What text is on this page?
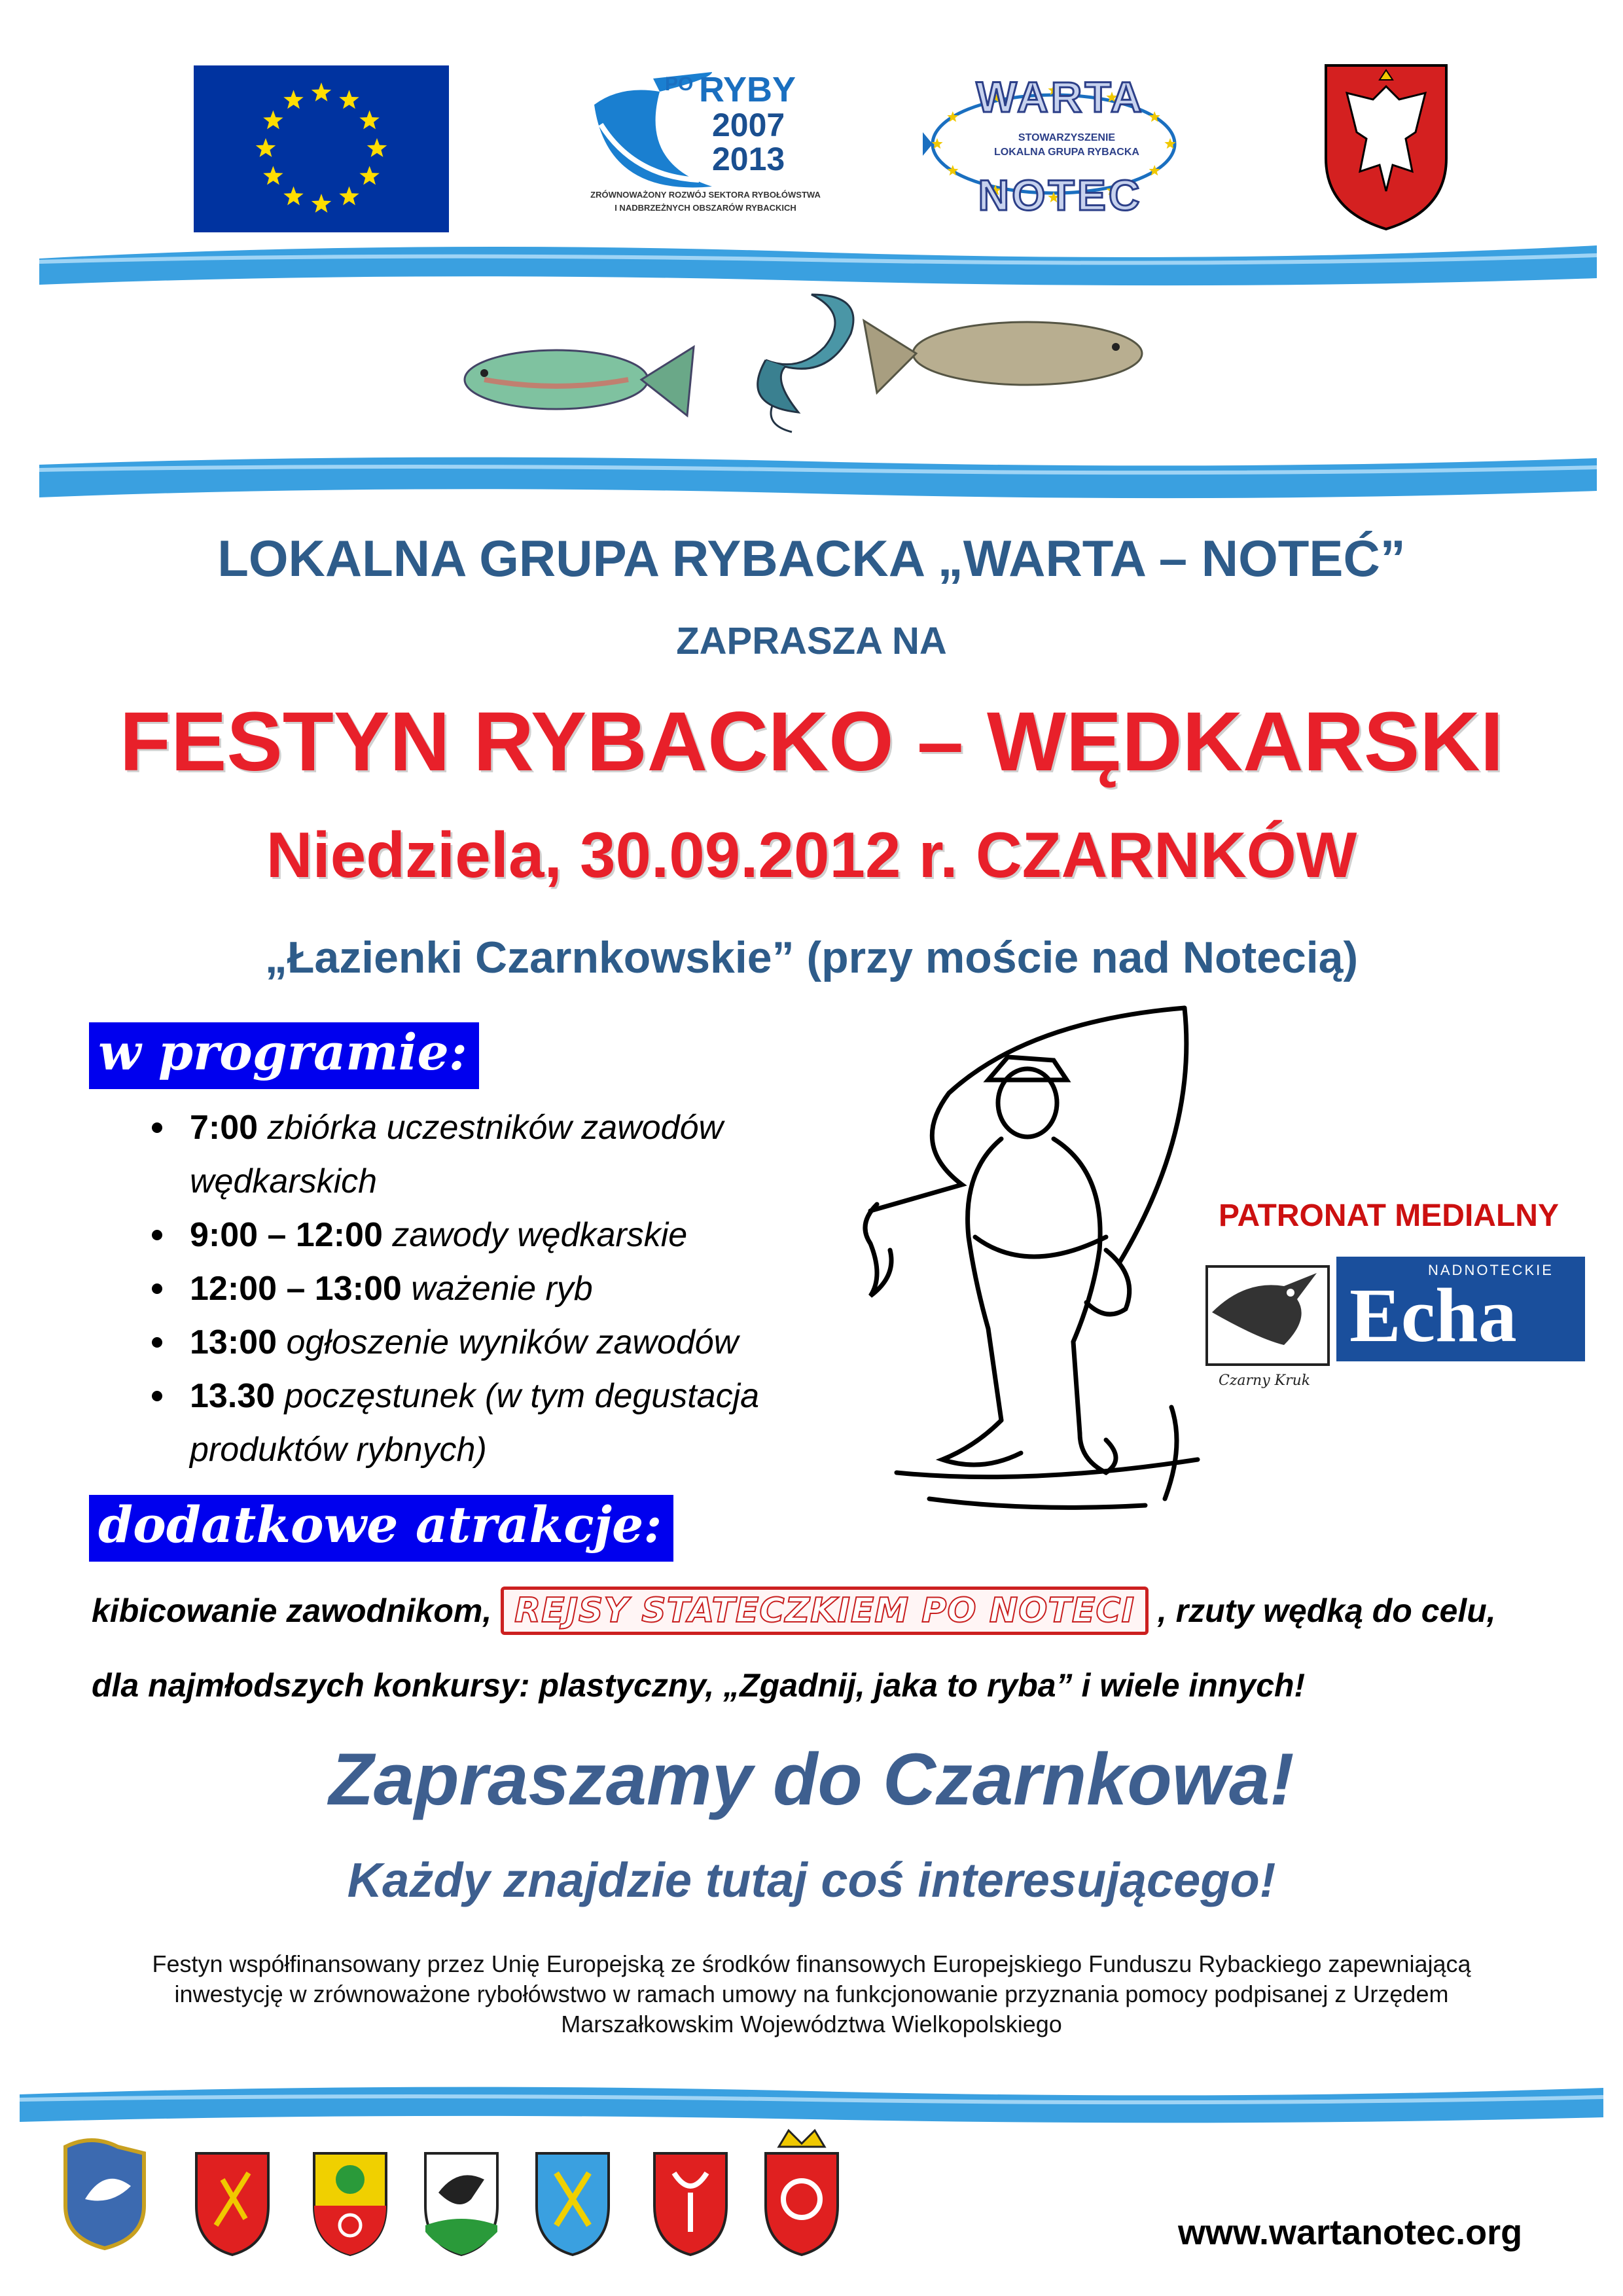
PO RYBY
2007
2013
ZRÓWNOWAŻONY ROZWÓJ SEKTORA RYBOŁÓWSTWA
I NADBRZEŻNYCH OBSZARÓW RYBACKICH
WARTA
STOWARZYSZENIE
LOKALNA GRUPA RYBACKA
NOTEC
LOKALNA GRUPA RYBACKA „WARTA – NOTEĆ”
ZAPRASZA NA
FESTYN RYBACKO – WĘDKARSKI
Niedziela, 30.09.2012 r. CZARNKÓW
„Łazienki Czarnkowskie” (przy moście nad Notecią)
w programie:
7:00 zbiórka uczestników zawodów wędkarskich
9:00 – 12:00 zawody wędkarskie
12:00 – 13:00 ważenie ryb
13:00 ogłoszenie wyników zawodów
13.30 poczęstunek (w tym degustacja produktów rybnych)
PATRONAT MEDIALNY
Czarny Kruk
NADNOTECKIE
Echa
dodatkowe atrakcje:
kibicowanie zawodnikom, REJSY STATECZKIEM PO NOTECI , rzuty wędką do celu,
dla najmłodszych konkursy: plastyczny, „Zgadnij, jaka to ryba” i wiele innych!
Zapraszamy do Czarnkowa!
Każdy znajdzie tutaj coś interesującego!
Festyn współfinansowany przez Unię Europejską ze środków finansowych Europejskiego Funduszu Rybackiego zapewniającą
inwestycję w zrównoważone rybołówstwo w ramach umowy na funkcjonowanie przyznania pomocy podpisanej z Urzędem
Marszałkowskim Województwa Wielkopolskiego
www.wartanotec.org
